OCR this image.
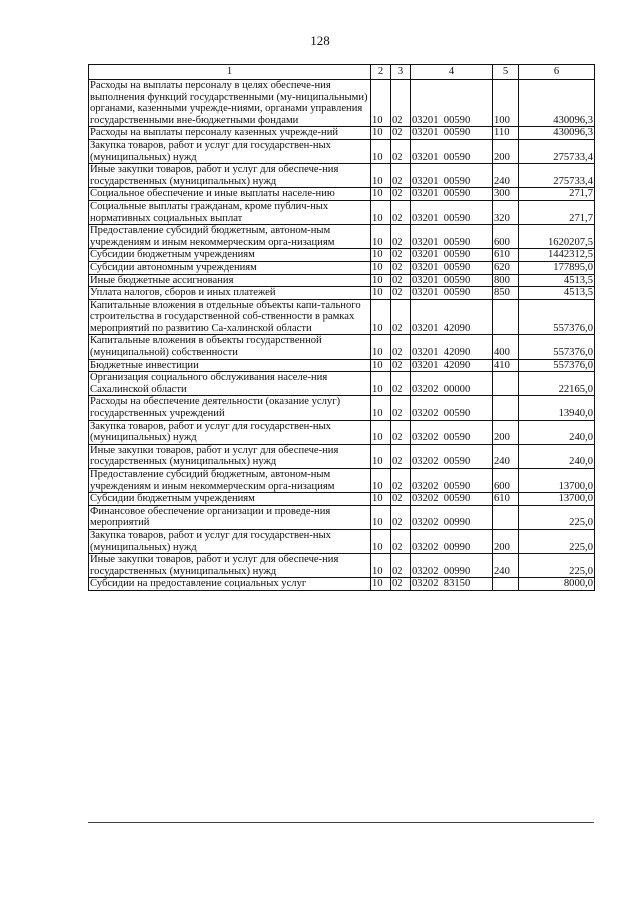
128
1	2	3	4	5	6
Расходы на выплаты персоналу в целях обеспече-ния выполнения функций государственными (му-ниципальными) органами, казенными учрежде-ниями, органами управления государственными вне-бюджетными фондами	10	02	03201  00590	100	430096,3
Расходы на выплаты персоналу казенных учрежде-ний	10	02	03201  00590	110	430096,3
Закупка товаров, работ и услуг для государствен-ных (муниципальных) нужд	10	02	03201  00590	200	275733,4
Иные закупки товаров, работ и услуг для обеспече-ния государственных (муниципальных) нужд	10	02	03201  00590	240	275733,4
Социальное обеспечение и иные выплаты населе-нию	10	02	03201  00590	300	271,7
Социальные выплаты гражданам, кроме публич-ных нормативных социальных выплат	10	02	03201  00590	320	271,7
Предоставление субсидий бюджетным, автоном-ным учреждениям и иным некоммерческим орга-низациям	10	02	03201  00590	600	1620207,5
Субсидии бюджетным учреждениям	10	02	03201  00590	610	1442312,5
Субсидии автономным учреждениям	10	02	03201  00590	620	177895,0
Иные бюджетные ассигнования	10	02	03201  00590	800	4513,5
Уплата налогов, сборов и иных платежей	10	02	03201  00590	850	4513,5
Капитальные вложения в отдельные объекты капи-тального строительства в государственной соб-ственности в рамках мероприятий по развитию Са-халинской области	10	02	03201  42090		557376,0
Капитальные вложения в объекты государственной (муниципальной) собственности	10	02	03201  42090	400	557376,0
Бюджетные инвестиции	10	02	03201  42090	410	557376,0
Организация социального обслуживания населе-ния Сахалинской области	10	02	03202  00000		22165,0
Расходы на обеспечение деятельности (оказание услуг) государственных учреждений	10	02	03202  00590		13940,0
Закупка товаров, работ и услуг для государствен-ных (муниципальных) нужд	10	02	03202  00590	200	240,0
Иные закупки товаров, работ и услуг для обеспече-ния государственных (муниципальных) нужд	10	02	03202  00590	240	240,0
Предоставление субсидий бюджетным, автоном-ным учреждениям и иным некоммерческим орга-низациям	10	02	03202  00590	600	13700,0
Субсидии бюджетным учреждениям	10	02	03202  00590	610	13700,0
Финансовое обеспечение организации и проведе-ния мероприятий	10	02	03202  00990		225,0
Закупка товаров, работ и услуг для государствен-ных (муниципальных) нужд	10	02	03202  00990	200	225,0
Иные закупки товаров, работ и услуг для обеспече-ния государственных (муниципальных) нужд	10	02	03202  00990	240	225,0
Субсидии на предоставление социальных услуг	10	02	03202  83150		8000,0
